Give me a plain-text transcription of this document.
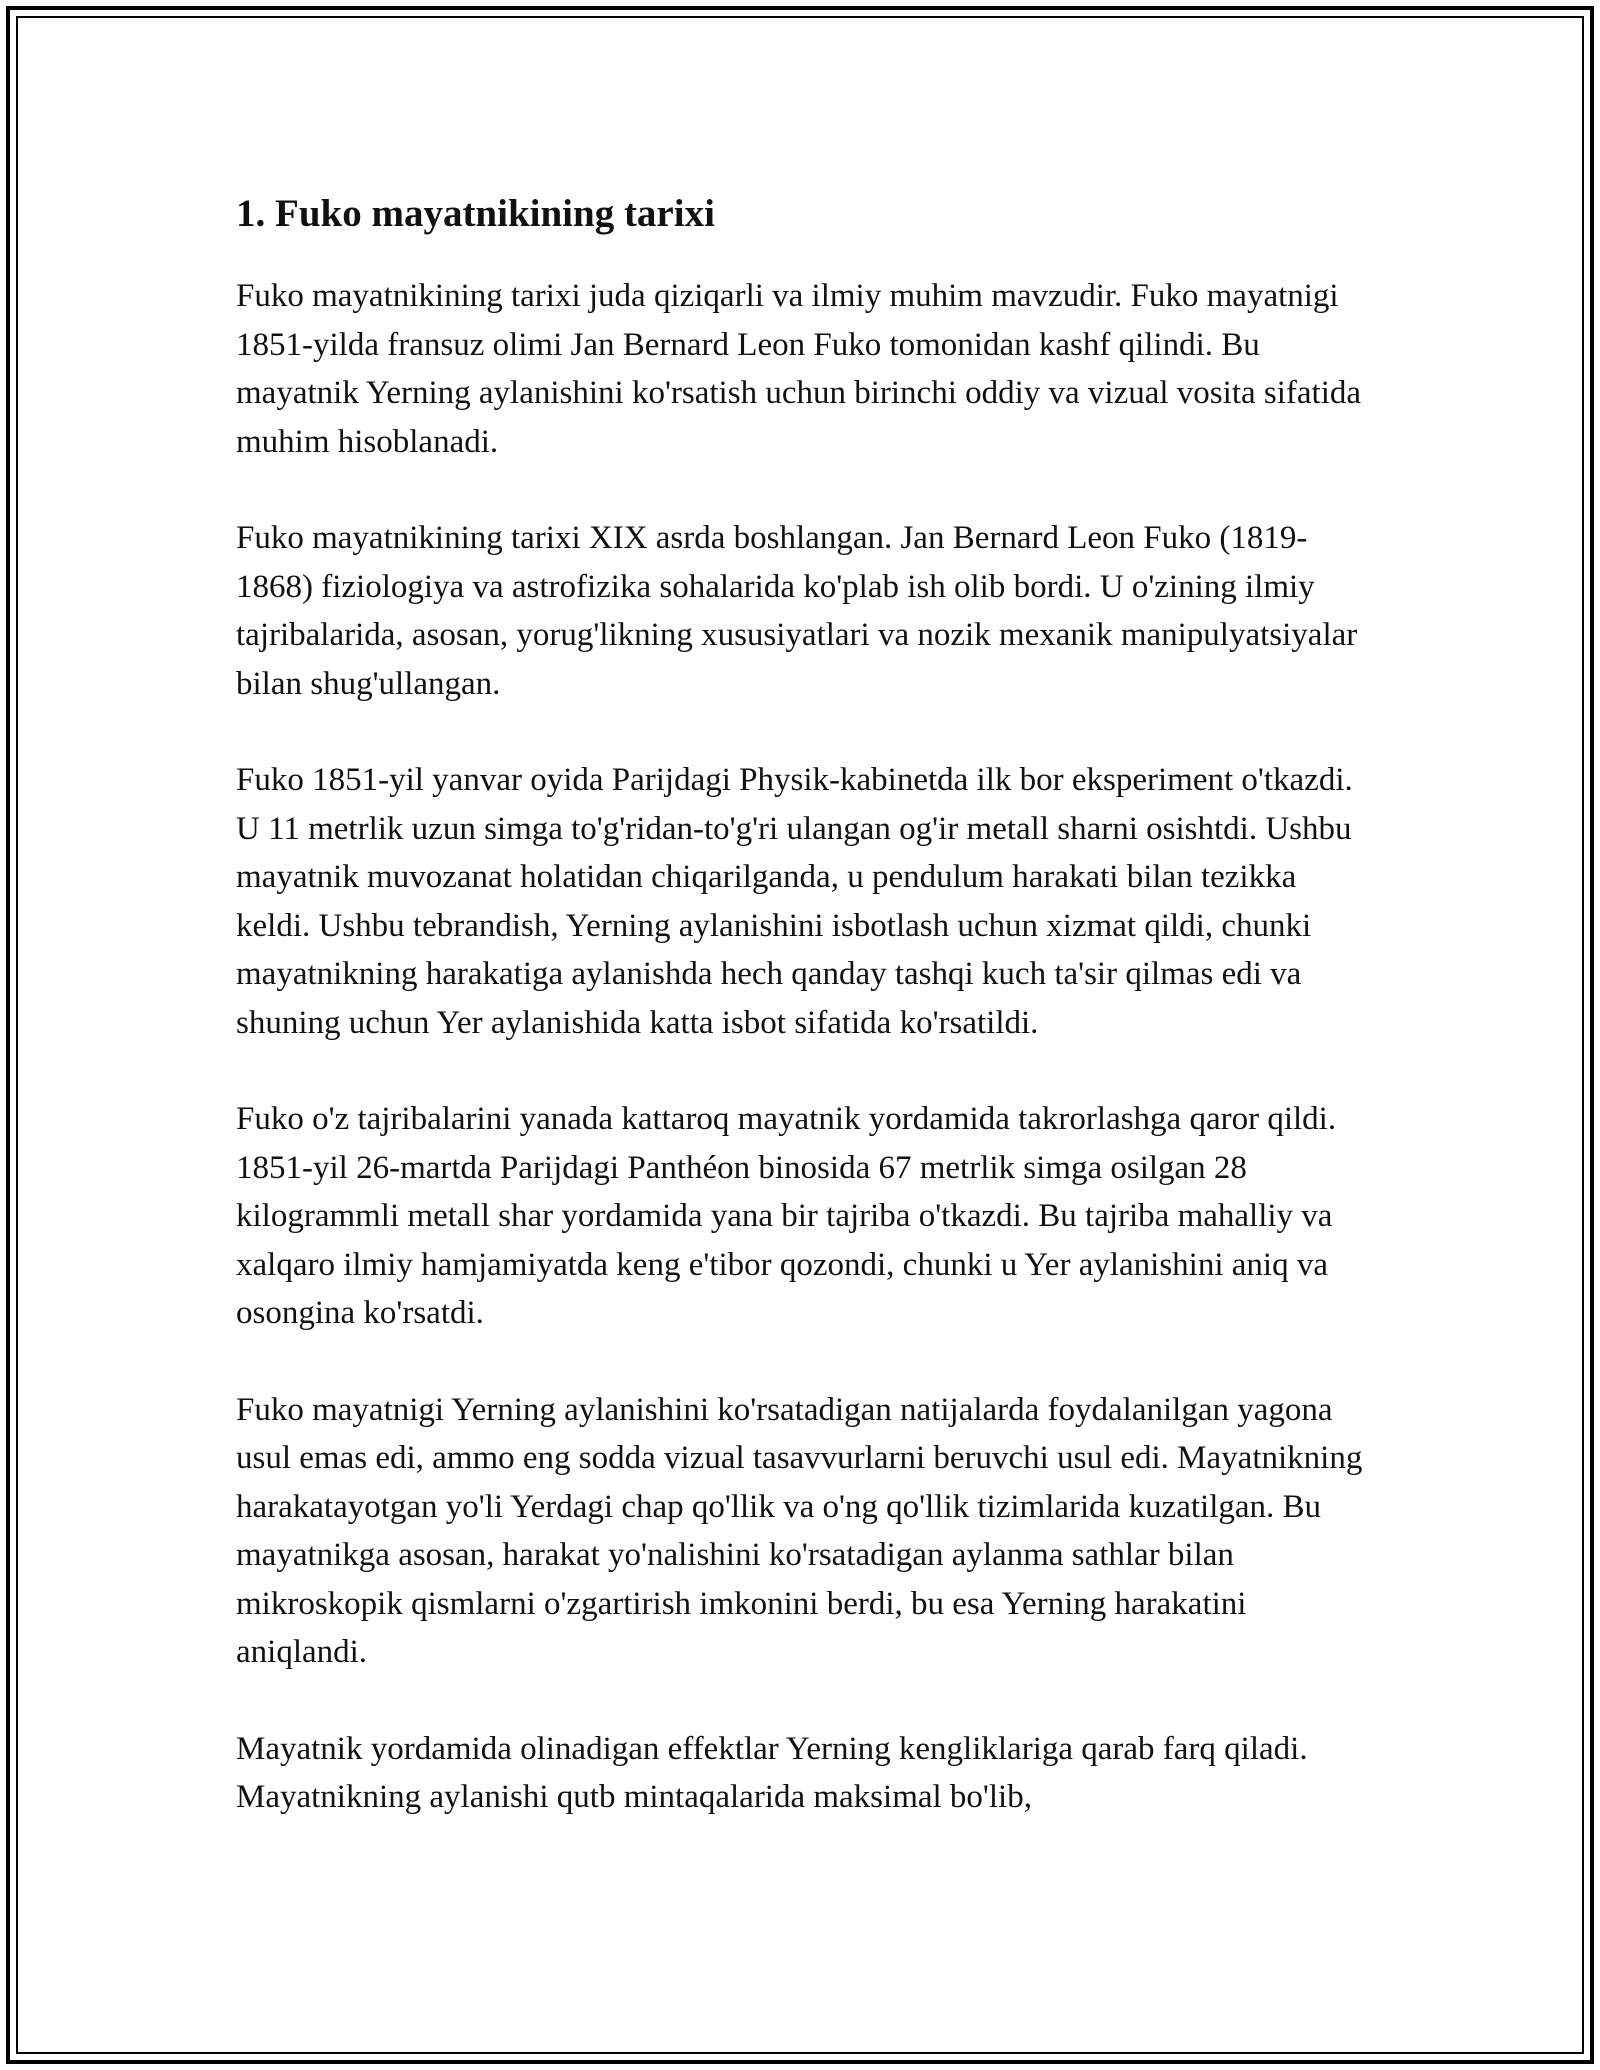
1. Fuko mayatnikining tarixi

Fuko mayatnikining tarixi juda qiziqarli va ilmiy muhim mavzudir. Fuko mayatnigi 1851-yilda fransuz olimi Jan Bernard Leon Fuko tomonidan kashf qilindi. Bu mayatnik Yerning aylanishini ko'rsatish uchun birinchi oddiy va vizual vosita sifatida muhim hisoblanadi.

Fuko mayatnikining tarixi XIX asrda boshlangan. Jan Bernard Leon Fuko (1819-1868) fiziologiya va astrofizika sohalarida ko'plab ish olib bordi. U o'zining ilmiy tajribalarida, asosan, yorug'likning xususiyatlari va nozik mexanik manipulyatsiyalar bilan shug'ullangan.

Fuko 1851-yil yanvar oyida Parijdagi Physik-kabinetda ilk bor eksperiment o'tkazdi. U 11 metrlik uzun simga to'g'ridan-to'g'ri ulangan og'ir metall sharni osishtdi. Ushbu mayatnik muvozanat holatidan chiqarilganda, u pendulum harakati bilan tezikka keldi. Ushbu tebrandish, Yerning aylanishini isbotlash uchun xizmat qildi, chunki mayatnikning harakatiga aylanishda hech qanday tashqi kuch ta'sir qilmas edi va shuning uchun Yer aylanishida katta isbot sifatida ko'rsatildi.

Fuko o'z tajribalarini yanada kattaroq mayatnik yordamida takrorlashga qaror qildi. 1851-yil 26-martda Parijdagi Panthéon binosida 67 metrlik simga osilgan 28 kilogrammli metall shar yordamida yana bir tajriba o'tkazdi. Bu tajriba mahalliy va xalqaro ilmiy hamjamiyatda keng e'tibor qozondi, chunki u Yer aylanishini aniq va osongina ko'rsatdi.

Fuko mayatnigi Yerning aylanishini ko'rsatadigan natijalarda foydalanilgan yagona usul emas edi, ammo eng sodda vizual tasavvurlarni beruvchi usul edi. Mayatnikning harakatayotgan yo'li Yerdagi chap qo'llik va o'ng qo'llik tizimlarida kuzatilgan. Bu mayatnikga asosan, harakat yo'nalishini ko'rsatadigan aylanma sathlar bilan mikroskopik qismlarni o'zgartirish imkonini berdi, bu esa Yerning harakatini aniqlandi.

Mayatnik yordamida olinadigan effektlar Yerning kengliklariga qarab farq qiladi. Mayatnikning aylanishi qutb mintaqalarida maksimal bo'lib,
